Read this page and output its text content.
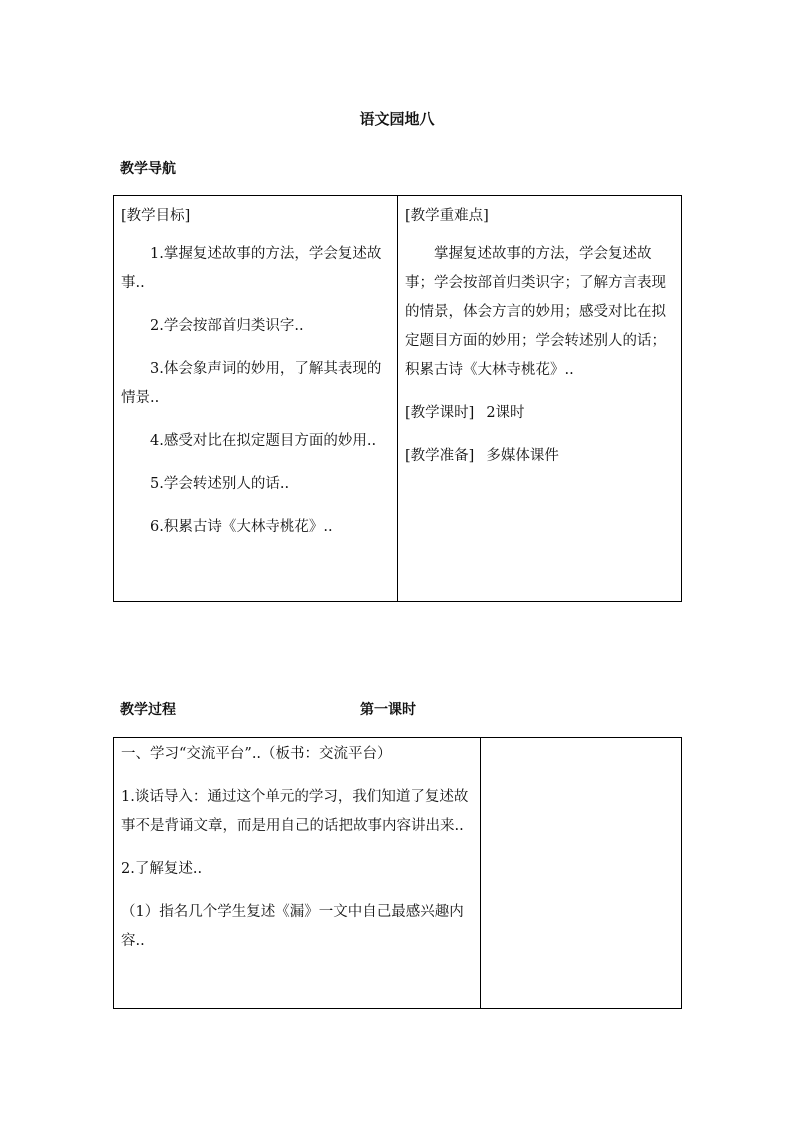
语文园地八
教学导航

[教学目标]

1.掌握复述故事的方法，学会复述故事..

2.学会按部首归类识字..

3.体会象声词的妙用，了解其表现的情景..

4.感受对比在拟定题目方面的妙用..

5.学会转述别人的话..

6.积累古诗《大林寺桃花》..

[教学重难点]

掌握复述故事的方法，学会复述故事；学会按部首归类识字；了解方言表现的情景，体会方言的妙用；感受对比在拟定题目方面的妙用；学会转述别人的话；积累古诗《大林寺桃花》..

[教学课时] 2课时

[教学准备] 多媒体课件

教学过程	第一课时

一、学习“交流平台”..（板书：交流平台）

1.谈话导入：通过这个单元的学习，我们知道了复述故事不是背诵文章，而是用自己的话把故事内容讲出来..

2.了解复述..

（1）指名几个学生复述《漏》一文中自己最感兴趣内容..
